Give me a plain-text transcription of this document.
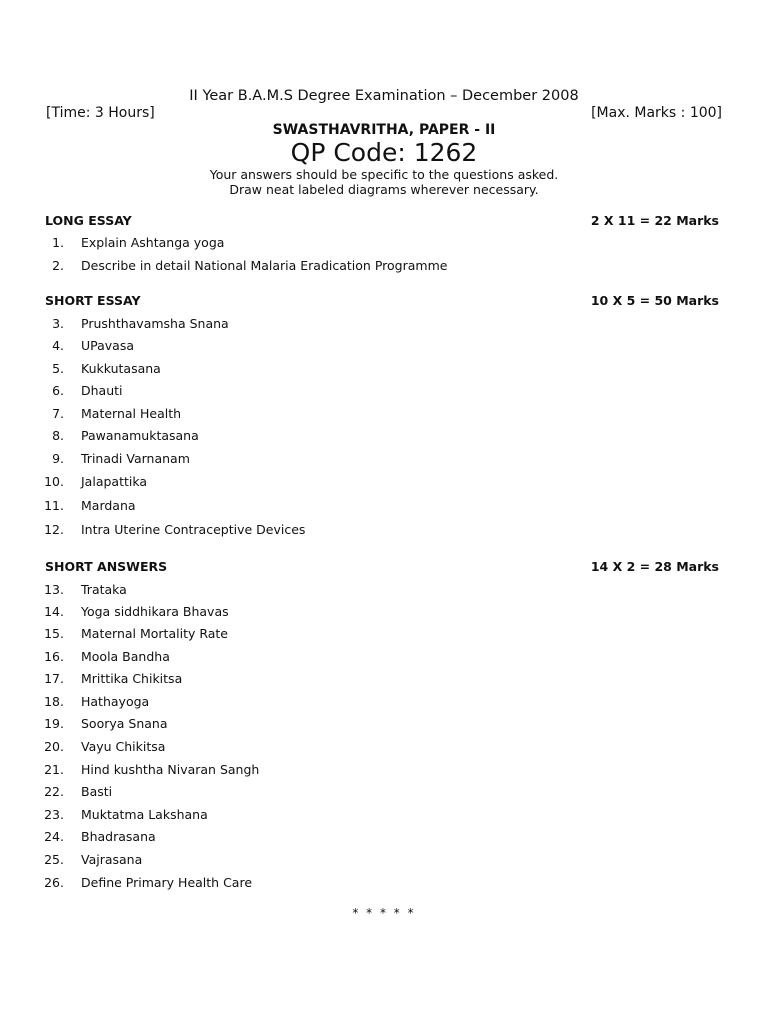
II Year B.A.M.S Degree Examination – December 2008
[Time: 3 Hours]	[Max. Marks : 100]
SWASTHAVRITHA, PAPER - II
QP Code: 1262
Your answers should be specific to the questions asked.
Draw neat labeled diagrams wherever necessary.
LONG ESSAY	2 X 11 = 22 Marks
1. Explain Ashtanga yoga
2. Describe in detail National Malaria Eradication Programme
SHORT ESSAY	10 X 5 = 50 Marks
3. Prushthavamsha Snana
4. UPavasa
5. Kukkutasana
6. Dhauti
7. Maternal Health
8. Pawanamuktasana
9. Trinadi Varnanam
10. Jalapattika
11. Mardana
12. Intra Uterine Contraceptive Devices
SHORT ANSWERS	14 X 2 = 28 Marks
13. Trataka
14. Yoga siddhikara Bhavas
15. Maternal Mortality Rate
16. Moola Bandha
17. Mrittika Chikitsa
18. Hathayoga
19. Soorya Snana
20. Vayu Chikitsa
21. Hind kushtha Nivaran Sangh
22. Basti
23. Muktatma Lakshana
24. Bhadrasana
25. Vajrasana
26. Define Primary Health Care
* * * * *
